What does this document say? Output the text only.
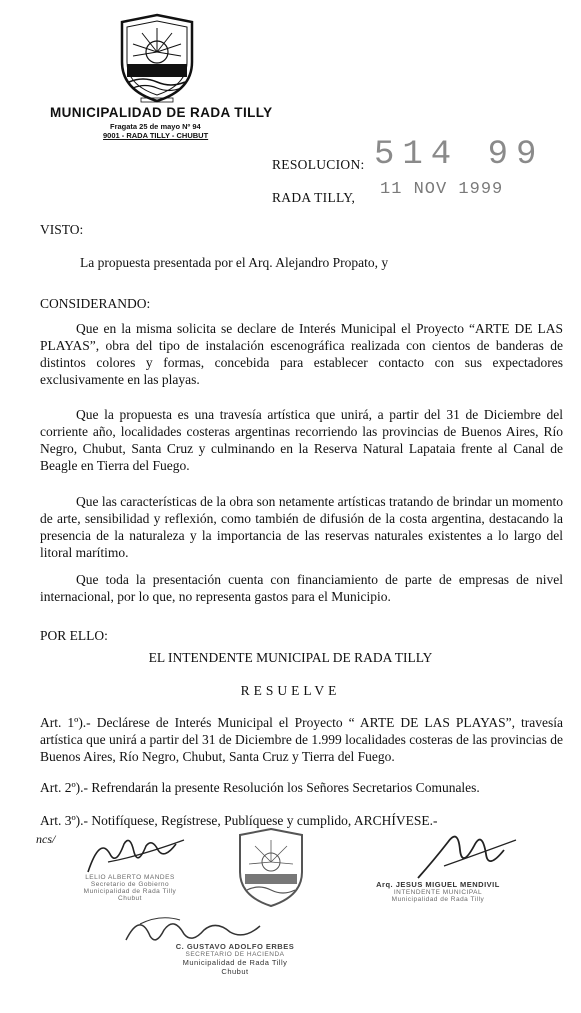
MUNICIPALIDAD DE RADA TILLY
Fragata 25 de mayo Nº 94
9001 - RADA TILLY - CHUBUT
RESOLUCION: 514 99
RADA TILLY, 11 NOV 1999
VISTO:
La propuesta presentada por el Arq. Alejandro Propato, y
CONSIDERANDO:

Que en la misma solicita se declare de Interés Municipal el Proyecto “ARTE DE LAS PLAYAS”, obra del tipo de instalación escenográfica realizada con cientos de banderas de distintos colores y formas, concebida para establecer contacto con sus expectadores exclusivamente en las playas.

Que la propuesta es una travesía artística que unirá, a partir del 31 de Diciembre del corriente año, localidades costeras argentinas recorriendo las provincias de Buenos Aires, Río Negro, Chubut, Santa Cruz y culminando en la Reserva Natural Lapataia frente al Canal de Beagle en Tierra del Fuego.

Que las características de la obra son netamente artísticas tratando de brindar un momento de arte, sensibilidad y reflexión, como también de difusión de la costa argentina, destacando la presencia de la naturaleza y la importancia de las reservas naturales existentes a lo largo del litoral marítimo.

Que toda la presentación cuenta con financiamiento de parte de empresas de nivel internacional, por lo que, no representa gastos para el Municipio.

POR ELLO:
EL INTENDENTE MUNICIPAL DE RADA TILLY
RESUELVE

Art. 1º).- Declárese de Interés Municipal el Proyecto “ ARTE DE LAS PLAYAS”, travesía artística que unirá a partir del 31 de Diciembre de 1.999 localidades costeras de las provincias de Buenos Aires, Río Negro, Chubut, Santa Cruz y Tierra del Fuego.

Art. 2º).- Refrendarán la presente Resolución los Señores Secretarios Comunales.

Art. 3º).- Notifíquese, Regístrese, Publíquese y cumplido, ARCHÍVESE.-

ncs/
LELIO ALBERTO MANDES
Secretario de Gobierno
Municipalidad de Rada Tilly
Chubut
Arq. JESUS MIGUEL MENDIVIL
INTENDENTE MUNICIPAL
Municipalidad de Rada Tilly
C. GUSTAVO ADOLFO ERBES
SECRETARIO DE HACIENDA
Municipalidad de Rada Tilly
Chubut
